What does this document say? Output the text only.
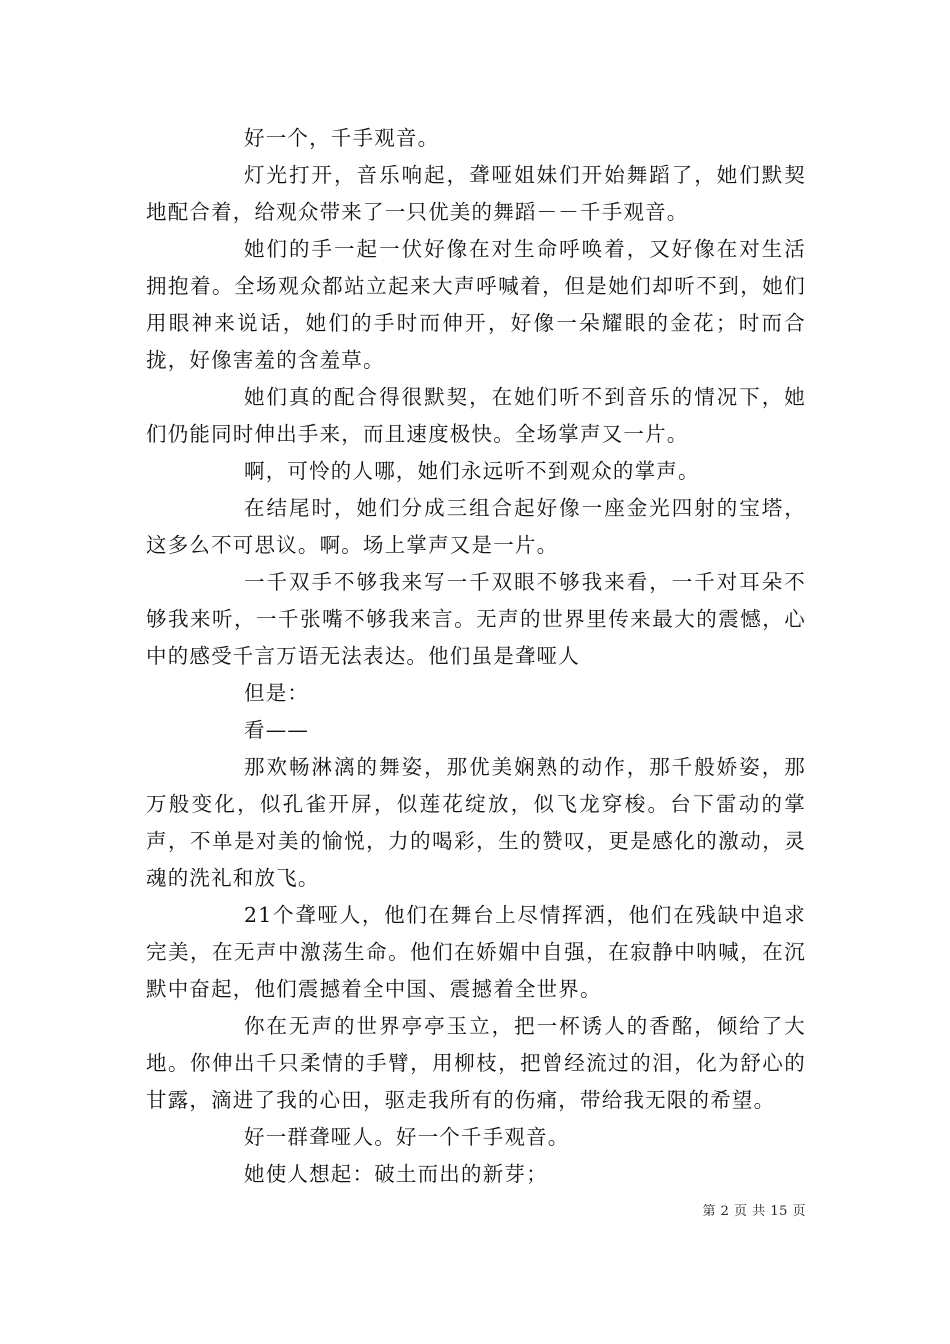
好一个，千手观音。

灯光打开，音乐响起，聋哑姐妹们开始舞蹈了，她们默契地配合着，给观众带来了一只优美的舞蹈－－千手观音。

她们的手一起一伏好像在对生命呼唤着，又好像在对生活拥抱着。全场观众都站立起来大声呼喊着，但是她们却听不到，她们用眼神来说话，她们的手时而伸开，好像一朵耀眼的金花；时而合拢，好像害羞的含羞草。

她们真的配合得很默契，在她们听不到音乐的情况下，她们仍能同时伸出手来，而且速度极快。全场掌声又一片。

啊，可怜的人哪，她们永远听不到观众的掌声。

在结尾时，她们分成三组合起好像一座金光四射的宝塔，这多么不可思议。啊。场上掌声又是一片。

一千双手不够我来写一千双眼不够我来看，一千对耳朵不够我来听，一千张嘴不够我来言。无声的世界里传来最大的震憾，心中的感受千言万语无法表达。他们虽是聋哑人

但是：

看——

那欢畅淋漓的舞姿，那优美娴熟的动作，那千般娇姿，那万般变化，似孔雀开屏，似莲花绽放，似飞龙穿梭。台下雷动的掌声，不单是对美的愉悦，力的喝彩，生的赞叹，更是感化的激动，灵魂的洗礼和放飞。

21个聋哑人，他们在舞台上尽情挥洒，他们在残缺中追求完美，在无声中激荡生命。他们在娇媚中自强，在寂静中呐喊，在沉默中奋起，他们震撼着全中国、震撼着全世界。

你在无声的世界亭亭玉立，把一杯诱人的香酩，倾给了大地。你伸出千只柔情的手臂，用柳枝，把曾经流过的泪，化为舒心的甘露，滴进了我的心田，驱走我所有的伤痛，带给我无限的希望。

好一群聋哑人。好一个千手观音。

她使人想起：破土而出的新芽；

第 2 页 共 15 页
